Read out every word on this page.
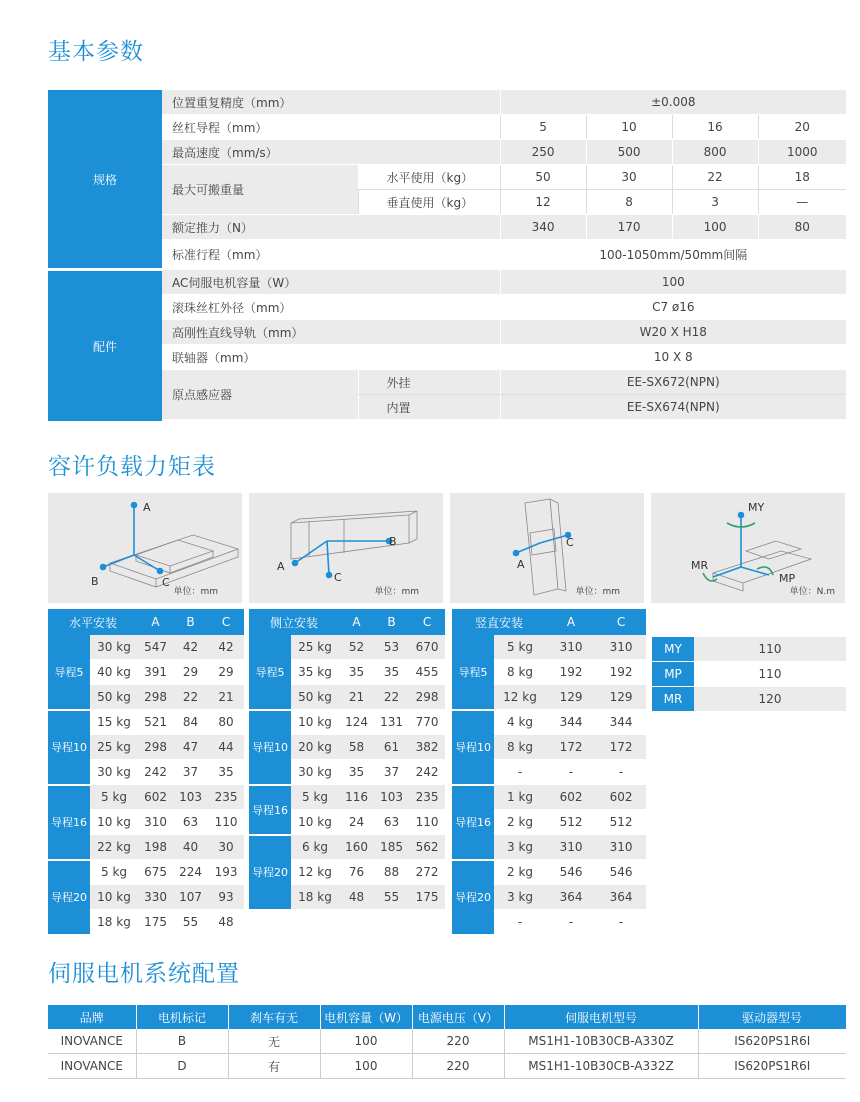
基本参数
规格	位置重复精度（mm）		±0.008			
	丝杠导程（mm）		5	10	16	20
	最高速度（mm/s）		250	500	800	1000
	最大可搬重量	水平使用（kg）	50	30	22	18
		垂直使用（kg）	12	8	3	—
	额定推力（N）		340	170	100	80
	标准行程（mm）		100-1050mm/50mm间隔			
配件	AC伺服电机容量（W）		100			
	滚珠丝杠外径（mm）		C7 ø16			
	高刚性直线导轨（mm）		W20 X H18			
	联轴器（mm）		10 X 8			
	原点感应器	外挂	EE-SX672(NPN)			
		内置	EE-SX674(NPN)			

容许负载力矩表
A
B	C
单位：mm
A
B
C
单位：mm
A
C
单位：mm
MY
MR
MP
单位：N.m
水平安装		A	B	C
导程5	30 kg	547	42	42
	40 kg	391	29	29
	50 kg	298	22	21
导程10	15 kg	521	84	80
	25 kg	298	47	44
	30 kg	242	37	35
导程16	5 kg	602	103	235
	10 kg	310	63	110
	22 kg	198	40	30
导程20	5 kg	675	224	193
	10 kg	330	107	93
	18 kg	175	55	48
侧立安装		A	B	C
导程5	25 kg	52	53	670
	35 kg	35	35	455
	50 kg	21	22	298
导程10	10 kg	124	131	770
	20 kg	58	61	382
	30 kg	35	37	242
导程16	5 kg	116	103	235
	10 kg	24	63	110
导程20	6 kg	160	185	562
	12 kg	76	88	272
	18 kg	48	55	175
竖直安装		A	C
导程5	5 kg	310	310
	8 kg	192	192
	12 kg	129	129
导程10	4 kg	344	344
	8 kg	172	172
	-	-	-
导程16	1 kg	602	602
	2 kg	512	512
	3 kg	310	310
导程20	2 kg	546	546
	3 kg	364	364
	-	-	-
MY	110
MP	110
MR	120
伺服电机系统配置
品牌	电机标记	刹车有无	电机容量（W）	电源电压（V）	伺服电机型号	驱动器型号
INOVANCE	B	无	100	220	MS1H1-10B30CB-A330Z	IS620PS1R6I
INOVANCE	D	有	100	220	MS1H1-10B30CB-A332Z	IS620PS1R6I
